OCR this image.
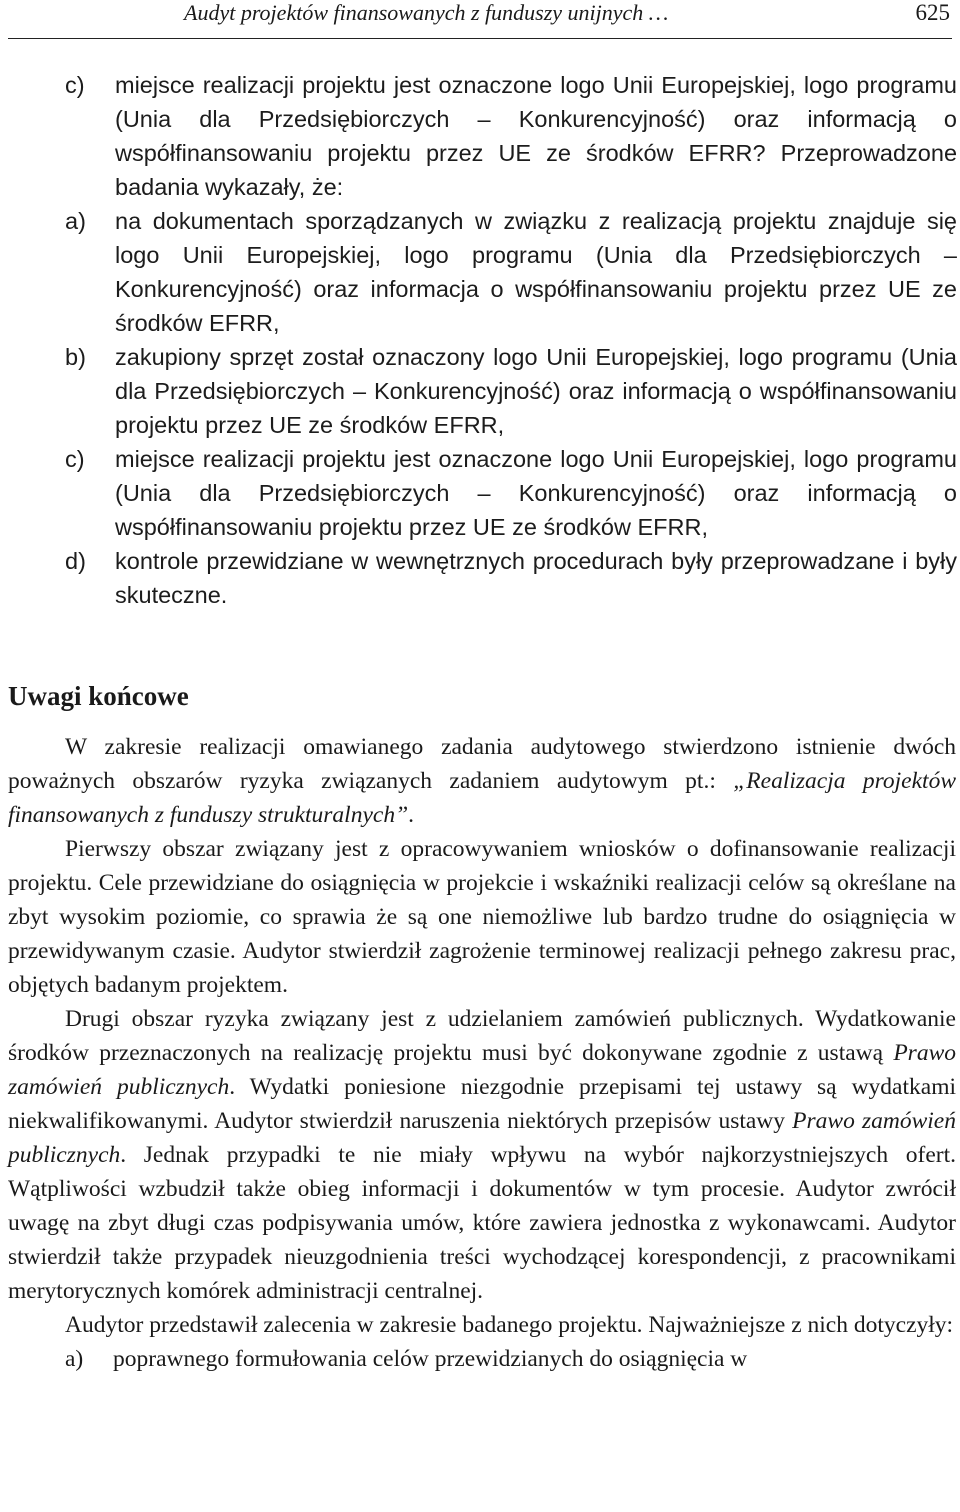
Audyt projektów finansowanych z funduszy unijnych …	625

c) miejsce realizacji projektu jest oznaczone logo Unii Europejskiej, logo programu (Unia dla Przedsiębiorczych – Konkurencyjność) oraz informacją o współfinansowaniu projektu przez UE ze środków EFRR? Przeprowadzone badania wykazały, że:

a) na dokumentach sporządzanych w związku z realizacją projektu znajduje się logo Unii Europejskiej, logo programu (Unia dla Przedsiębiorczych – Konkurencyjność) oraz informacja o współfinansowaniu projektu przez UE ze środków EFRR,

b) zakupiony sprzęt został oznaczony logo Unii Europejskiej, logo programu (Unia dla Przedsiębiorczych – Konkurencyjność) oraz informacją o współfinansowaniu projektu przez UE ze środków EFRR,

c) miejsce realizacji projektu jest oznaczone logo Unii Europejskiej, logo programu (Unia dla Przedsiębiorczych – Konkurencyjność) oraz informacją o współfinansowaniu projektu przez UE ze środków EFRR,

d) kontrole przewidziane w wewnętrznych procedurach były przeprowadzane i były skuteczne.

Uwagi końcowe

W zakresie realizacji omawianego zadania audytowego stwierdzono istnienie dwóch poważnych obszarów ryzyka związanych zadaniem audytowym pt.: „Realizacja projektów finansowanych z funduszy strukturalnych”.

Pierwszy obszar związany jest z opracowywaniem wniosków o dofinansowanie realizacji projektu. Cele przewidziane do osiągnięcia w projekcie i wskaźniki realizacji celów są określane na zbyt wysokim poziomie, co sprawia że są one niemożliwe lub bardzo trudne do osiągnięcia w przewidywanym czasie. Audytor stwierdził zagrożenie terminowej realizacji pełnego zakresu prac, objętych badanym projektem.

Drugi obszar ryzyka związany jest z udzielaniem zamówień publicznych. Wydatkowanie środków przeznaczonych na realizację projektu musi być dokonywane zgodnie z ustawą Prawo zamówień publicznych. Wydatki poniesione niezgodnie przepisami tej ustawy są wydatkami niekwalifikowanymi. Audytor stwierdził naruszenia niektórych przepisów ustawy Prawo zamówień publicznych. Jednak przypadki te nie miały wpływu na wybór najkorzystniejszych ofert. Wątpliwości wzbudził także obieg informacji i dokumentów w tym procesie. Audytor zwrócił uwagę na zbyt długi czas podpisywania umów, które zawiera jednostka z wykonawcami. Audytor stwierdził także przypadek nieuzgodnienia treści wychodzącej korespondencji, z pracownikami merytorycznych komórek administracji centralnej.

Audytor przedstawił zalecenia w zakresie badanego projektu. Najważniejsze z nich dotyczyły:

a) poprawnego formułowania celów przewidzianych do osiągnięcia w
